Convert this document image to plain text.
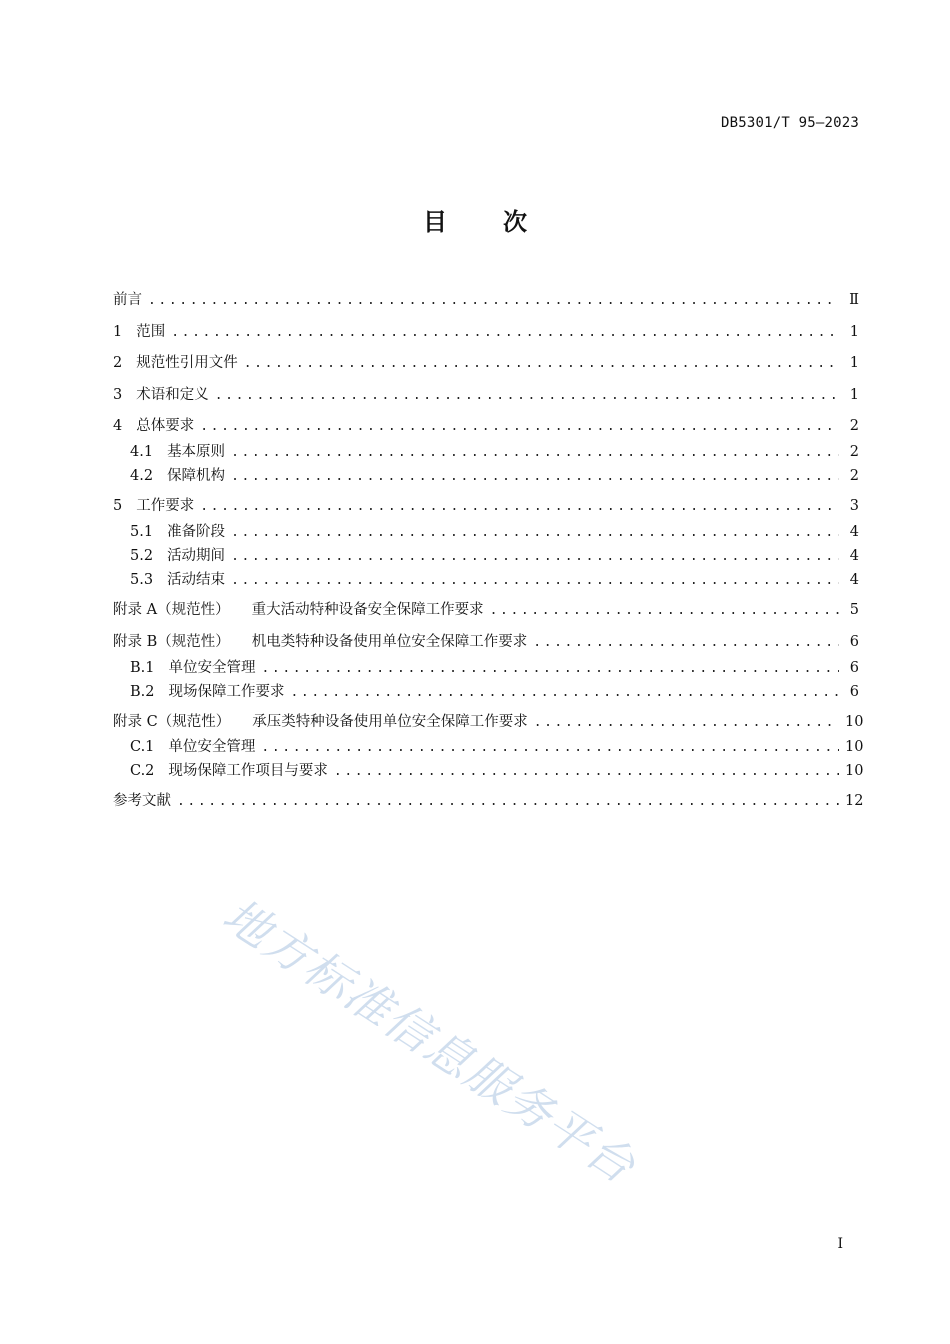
DB5301/T 95—2023
目 次
前言 .....	Ⅱ
1 范围 .....	1
2 规范性引用文件 .....	1
3 术语和定义 .....	1
4 总体要求 .....	2
4.1 基本原则 .....	2
4.2 保障机构 .....	2
5 工作要求 .....	3
5.1 准备阶段 .....	4
5.2 活动期间 .....	4
5.3 活动结束 .....	4
附录 A（规范性） 重大活动特种设备安全保障工作要求 .....	5
附录 B（规范性） 机电类特种设备使用单位安全保障工作要求 .....	6
B.1 单位安全管理 .....	6
B.2 现场保障工作要求 .....	6
附录 C（规范性） 承压类特种设备使用单位安全保障工作要求 .....	10
C.1 单位安全管理 .....	10
C.2 现场保障工作项目与要求 .....	10
参考文献 .....	12
地方标准信息服务平台
I
